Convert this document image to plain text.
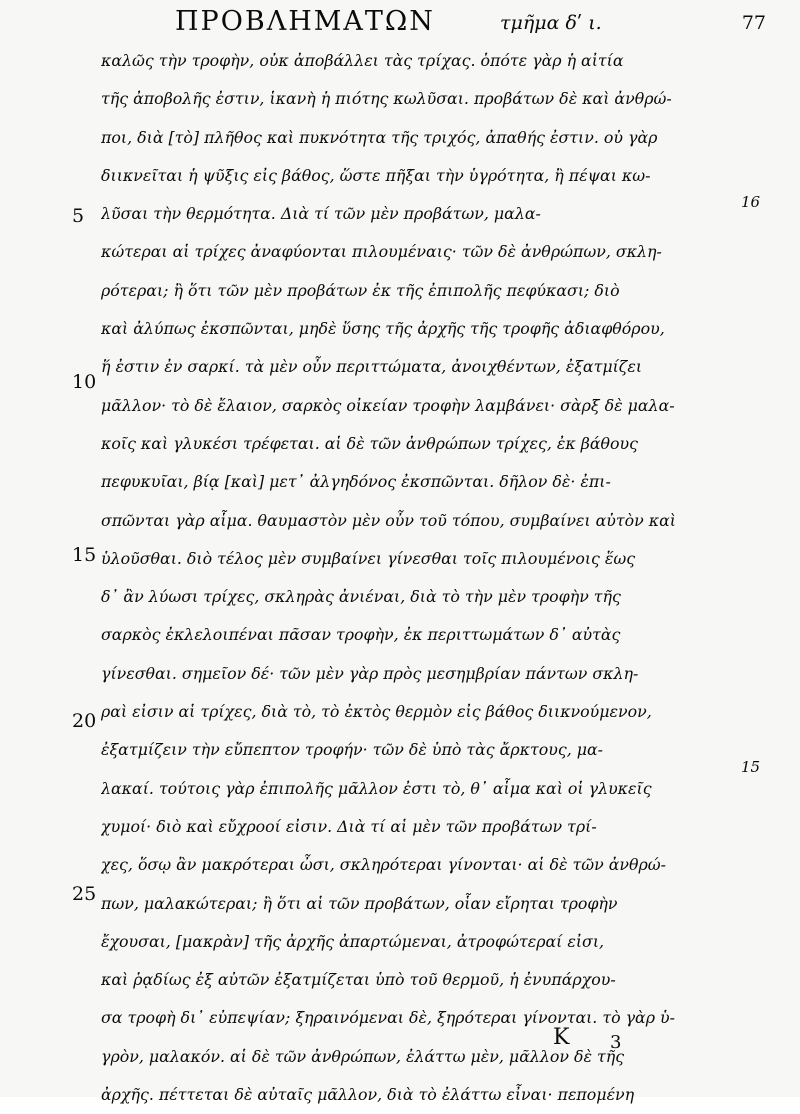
ΠΡΟΒΛΗΜΑΤΩΝ	τμῆμα δʹ ι.	77
5
10
15
20
25
16
15
καλῶς τὴν τροφὴν, οὐκ ἀποβάλλει τὰς τρίχας. ὁπότε γὰρ ἡ αἰτία
τῆς ἀποβολῆς ἐστιν, ἱκανὴ ἡ πιότης κωλῦσαι. προβάτων δὲ καὶ ἀνθρώ-
ποι, διὰ [τὸ] πλῆθος καὶ πυκνότητα τῆς τριχός, ἀπαθής ἐστιν. οὐ γὰρ
διικνεῖται ἡ ψῦξις εἰς βάθος, ὥστε πῆξαι τὴν ὑγρότητα, ἢ πέψαι κω-
λῦσαι τὴν θερμότητα. Διὰ τί τῶν μὲν προβάτων, μαλα-
κώτεραι αἱ τρίχες ἀναφύονται πιλουμέναις· τῶν δὲ ἀνθρώπων, σκλη-
ρότεραι; ἢ ὅτι τῶν μὲν προβάτων ἐκ τῆς ἐπιπολῆς πεφύκασι; διὸ
καὶ ἀλύπως ἐκσπῶνται, μηδὲ ὕσης τῆς ἀρχῆς τῆς τροφῆς ἀδιαφθόρου,
ἥ ἐστιν ἐν σαρκί. τὰ μὲν οὖν περιττώματα, ἀνοιχθέντων, ἐξατμίζει
μᾶλλον· τὸ δὲ ἔλαιον, σαρκὸς οἰκείαν τροφὴν λαμβάνει· σὰρξ δὲ μαλα-
κοῖς καὶ γλυκέσι τρέφεται. αἱ δὲ τῶν ἀνθρώπων τρίχες, ἐκ βάθους
πεφυκυῖαι, βίᾳ [καὶ] μετ᾽ ἀλγηδόνος ἐκσπῶνται. δῆλον δὲ· ἐπι-
σπῶνται γὰρ αἷμα. θαυμαστὸν μὲν οὖν τοῦ τόπου, συμβαίνει αὐτὸν καὶ
ὑλοῦσθαι. διὸ τέλος μὲν συμβαίνει γίνεσθαι τοῖς πιλουμένοις ἕως
δ᾽ ἂν λύωσι τρίχες, σκληρὰς ἀνιέναι, διὰ τὸ τὴν μὲν τροφὴν τῆς
σαρκὸς ἐκλελοιπέναι πᾶσαν τροφὴν, ἐκ περιττωμάτων δ᾽ αὐτὰς
γίνεσθαι. σημεῖον δέ· τῶν μὲν γὰρ πρὸς μεσημβρίαν πάντων σκλη-
ραὶ εἰσιν αἱ τρίχες, διὰ τὸ, τὸ ἐκτὸς θερμὸν εἰς βάθος διικνούμενον,
ἐξατμίζειν τὴν εὔπεπτον τροφήν· τῶν δὲ ὑπὸ τὰς ἄρκτους, μα-
λακαί. τούτοις γὰρ ἐπιπολῆς μᾶλλον ἐστι τὸ, θ᾽ αἷμα καὶ οἱ γλυκεῖς
χυμοί· διὸ καὶ εὔχροοί εἰσιν. Διὰ τί αἱ μὲν τῶν προβάτων τρί-
χες, ὅσῳ ἂν μακρότεραι ὦσι, σκληρότεραι γίνονται· αἱ δὲ τῶν ἀνθρώ-
πων, μαλακώτεραι; ἢ ὅτι αἱ τῶν προβάτων, οἷαν εἴρηται τροφὴν
ἔχουσαι, [μακρὰν] τῆς ἀρχῆς ἀπαρτώμεναι, ἀτροφώτεραί εἰσι,
καὶ ῥᾳδίως ἐξ αὐτῶν ἐξατμίζεται ὑπὸ τοῦ θερμοῦ, ἡ ἐνυπάρχου-
σα τροφὴ δι᾽ εὐπεψίαν; ξηραινόμεναι δὲ, ξηρότεραι γίνονται. τὸ γὰρ ὑ-
γρὸν, μαλακόν. αἱ δὲ τῶν ἀνθρώπων, ἐλάττω μὲν, μᾶλλον δὲ τῆς
ἀρχῆς. πέττεται δὲ αὐταῖς μᾶλλον, διὰ τὸ ἐλάττω εἶναι· πεπομένη
K 3
